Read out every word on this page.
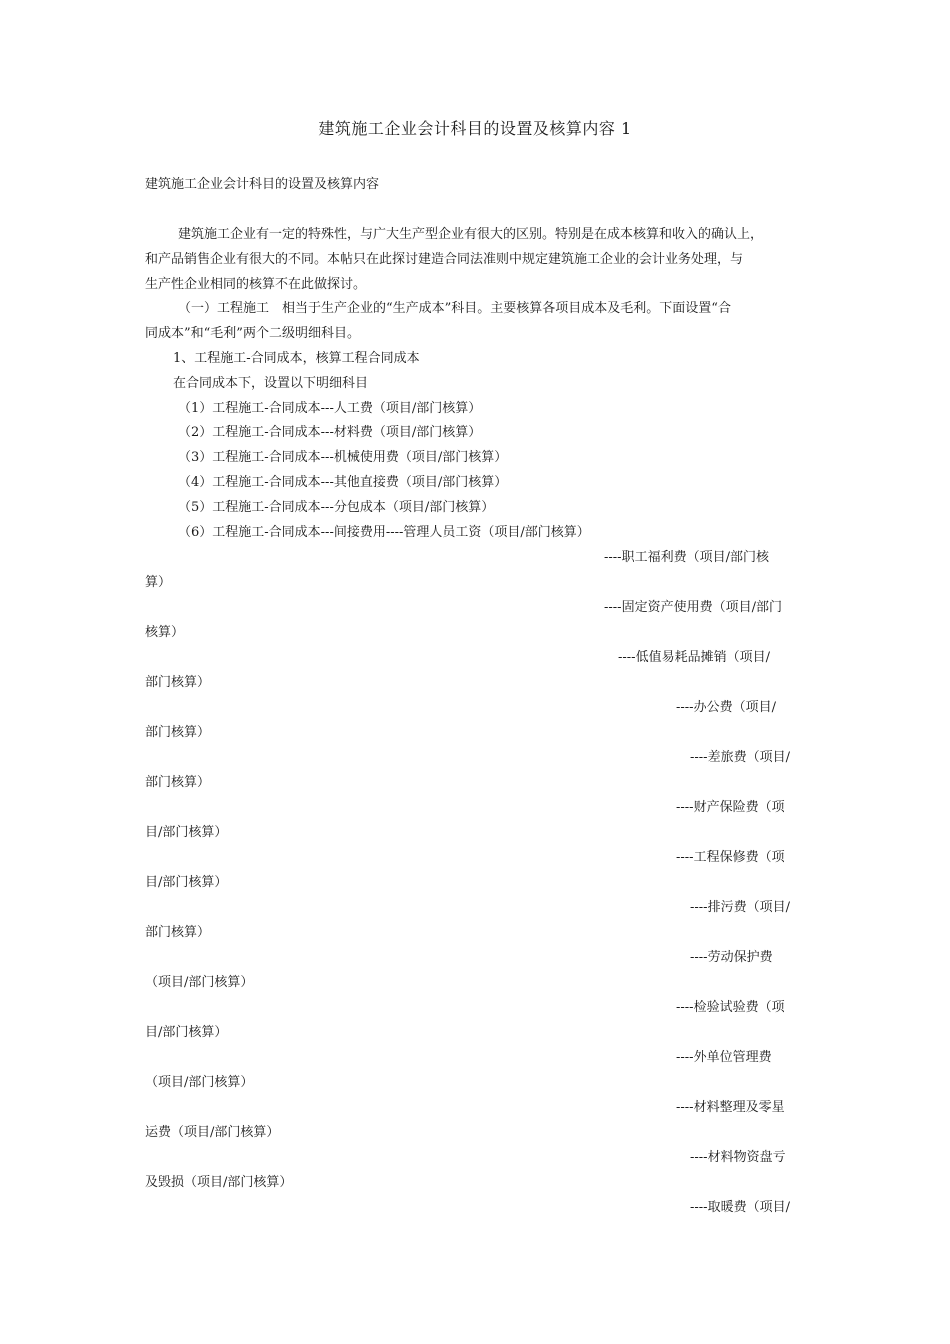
建筑施工企业会计科目的设置及核算内容 1
建筑施工企业会计科目的设置及核算内容
建筑施工企业有一定的特殊性，与广大生产型企业有很大的区别。特别是在成本核算和收入的确认上，
和产品销售企业有很大的不同。本帖只在此探讨建造合同法准则中规定建筑施工企业的会计业务处理，与
生产性企业相同的核算不在此做探讨。
（一）工程施工　相当于生产企业的“生产成本”科目。主要核算各项目成本及毛利。下面设置“合
同成本”和“毛利”两个二级明细科目。
1、工程施工-合同成本，核算工程合同成本
在合同成本下，设置以下明细科目
（1）工程施工-合同成本---人工费（项目/部门核算）
（2）工程施工-合同成本---材料费（项目/部门核算）
（3）工程施工-合同成本---机械使用费（项目/部门核算）
（4）工程施工-合同成本---其他直接费（项目/部门核算）
（5）工程施工-合同成本---分包成本（项目/部门核算）
（6）工程施工-合同成本---间接费用----管理人员工资（项目/部门核算）
----职工福利费（项目/部门核
算）
----固定资产使用费（项目/部门
核算）
----低值易耗品摊销（项目/
部门核算）
----办公费（项目/
部门核算）
----差旅费（项目/
部门核算）
----财产保险费（项
目/部门核算）
----工程保修费（项
目/部门核算）
----排污费（项目/
部门核算）
----劳动保护费
（项目/部门核算）
----检验试验费（项
目/部门核算）
----外单位管理费
（项目/部门核算）
----材料整理及零星
运费（项目/部门核算）
----材料物资盘亏
及毁损（项目/部门核算）
----取暖费（项目/
